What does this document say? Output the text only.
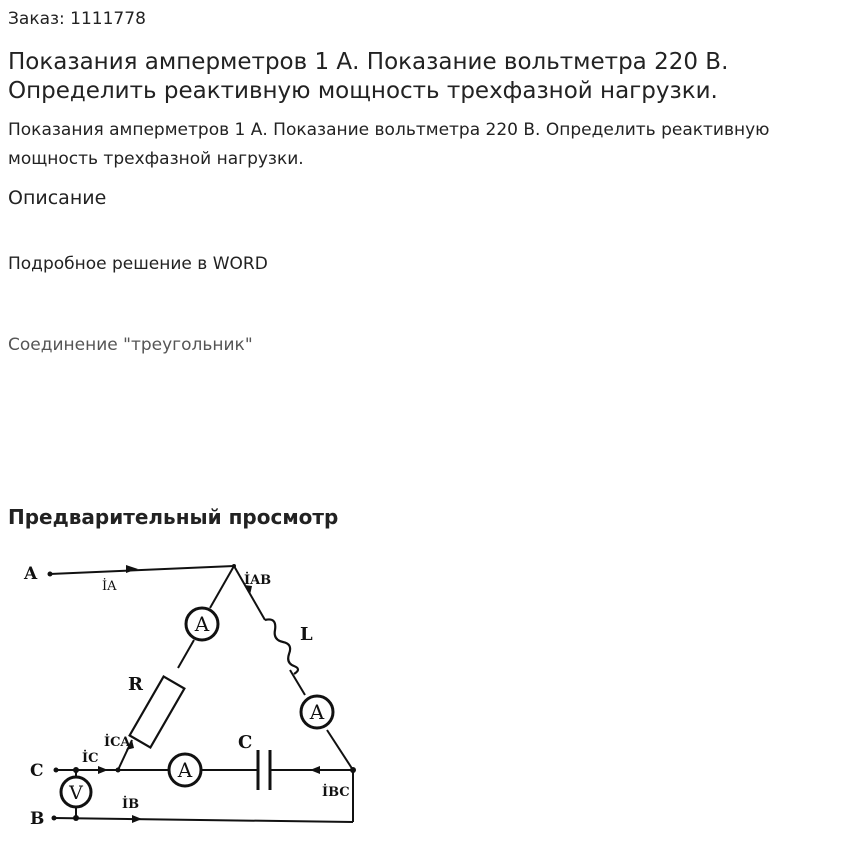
Заказ: 1111778
Показания амперметров 1 А. Показание вольтметра 220 В. Определить реактивную мощность трехфазной нагрузки.
Показания амперметров 1 А. Показание вольтметра 220 В. Определить реактивную мощность трехфазной нагрузки.
Описание
Подробное решение в WORD
Соединение "треугольник"
Предварительный просмотр
A
A
A
V
A
C
B
İA	İAB
İCA
İC
İB
İBC
R
L
C
